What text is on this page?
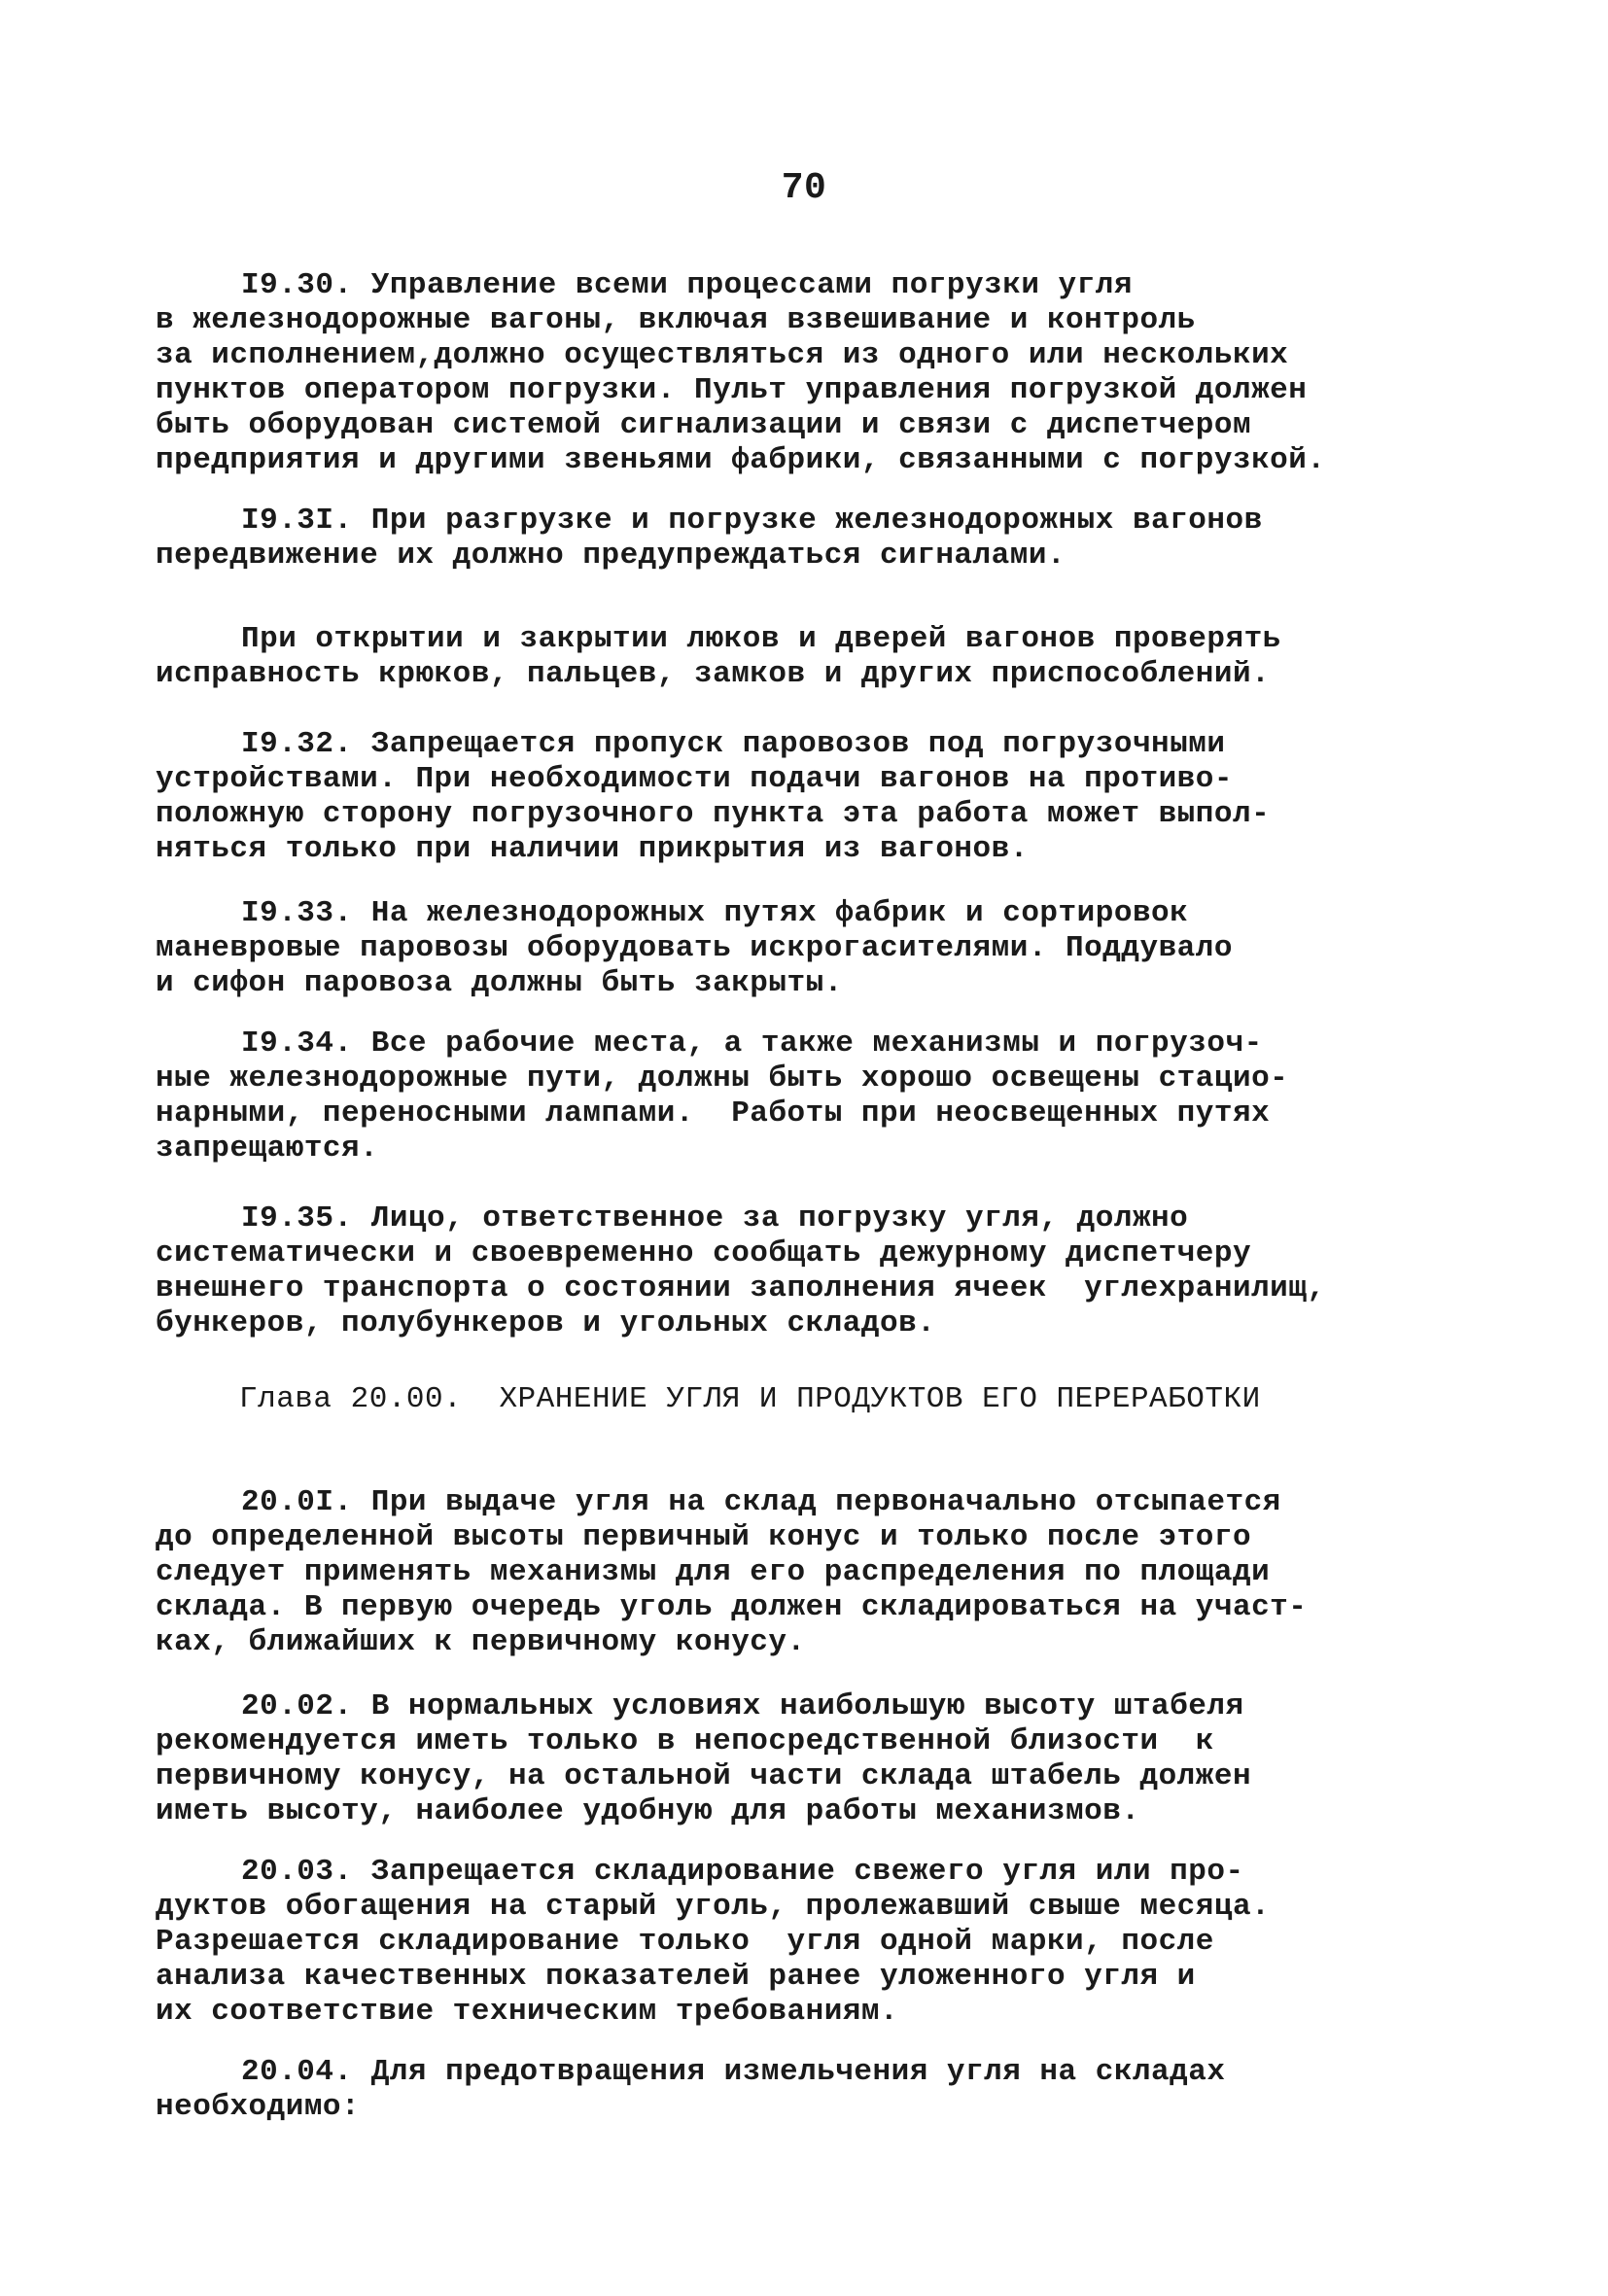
70
I9.30. Управление всеми процессами погрузки угля
в железнодорожные вагоны, включая взвешивание и контроль
за исполнением,должно осуществляться из одного или нескольких
пунктов оператором погрузки. Пульт управления погрузкой должен
быть оборудован системой сигнализации и связи с диспетчером
предприятия и другими звеньями фабрики, связанными с погрузкой.
I9.3I. При разгрузке и погрузке железнодорожных вагонов
передвижение их должно предупреждаться сигналами.
При открытии и закрытии люков и дверей вагонов проверять
исправность крюков, пальцев, замков и других приспособлений.
I9.32. Запрещается пропуск паровозов под погрузочными
устройствами. При необходимости подачи вагонов на противо-
положную сторону погрузочного пункта эта работа может выпол-
няться только при наличии прикрытия из вагонов.
I9.33. На железнодорожных путях фабрик и сортировок
маневровые паровозы оборудовать искрогасителями. Поддувало
и сифон паровоза должны быть закрыты.
I9.34. Все рабочие места, а также механизмы и погрузоч-
ные железнодорожные пути, должны быть хорошо освещены стацио-
нарными, переносными лампами.  Работы при неосвещенных путях
запрещаются.
I9.35. Лицо, ответственное за погрузку угля, должно
систематически и своевременно сообщать дежурному диспетчеру
внешнего транспорта о состоянии заполнения ячеек  углехранилищ,
бункеров, полубункеров и угольных складов.
Глава 20.00.  ХРАНЕНИЕ УГЛЯ И ПРОДУКТОВ ЕГО ПЕРЕРАБОТКИ
20.0I. При выдаче угля на склад первоначально отсыпается
до определенной высоты первичный конус и только после этого
следует применять механизмы для его распределения по площади
склада. В первую очередь уголь должен складироваться на участ-
ках, ближайших к первичному конусу.
20.02. В нормальных условиях наибольшую высоту штабеля
рекомендуется иметь только в непосредственной близости  к
первичному конусу, на остальной части склада штабель должен
иметь высоту, наиболее удобную для работы механизмов.
20.03. Запрещается складирование свежего угля или про-
дуктов обогащения на старый уголь, пролежавший свыше месяца.
Разрешается складирование только  угля одной марки, после
анализа качественных показателей ранее уложенного угля и
их соответствие техническим требованиям.
20.04. Для предотвращения измельчения угля на складах
необходимо:
